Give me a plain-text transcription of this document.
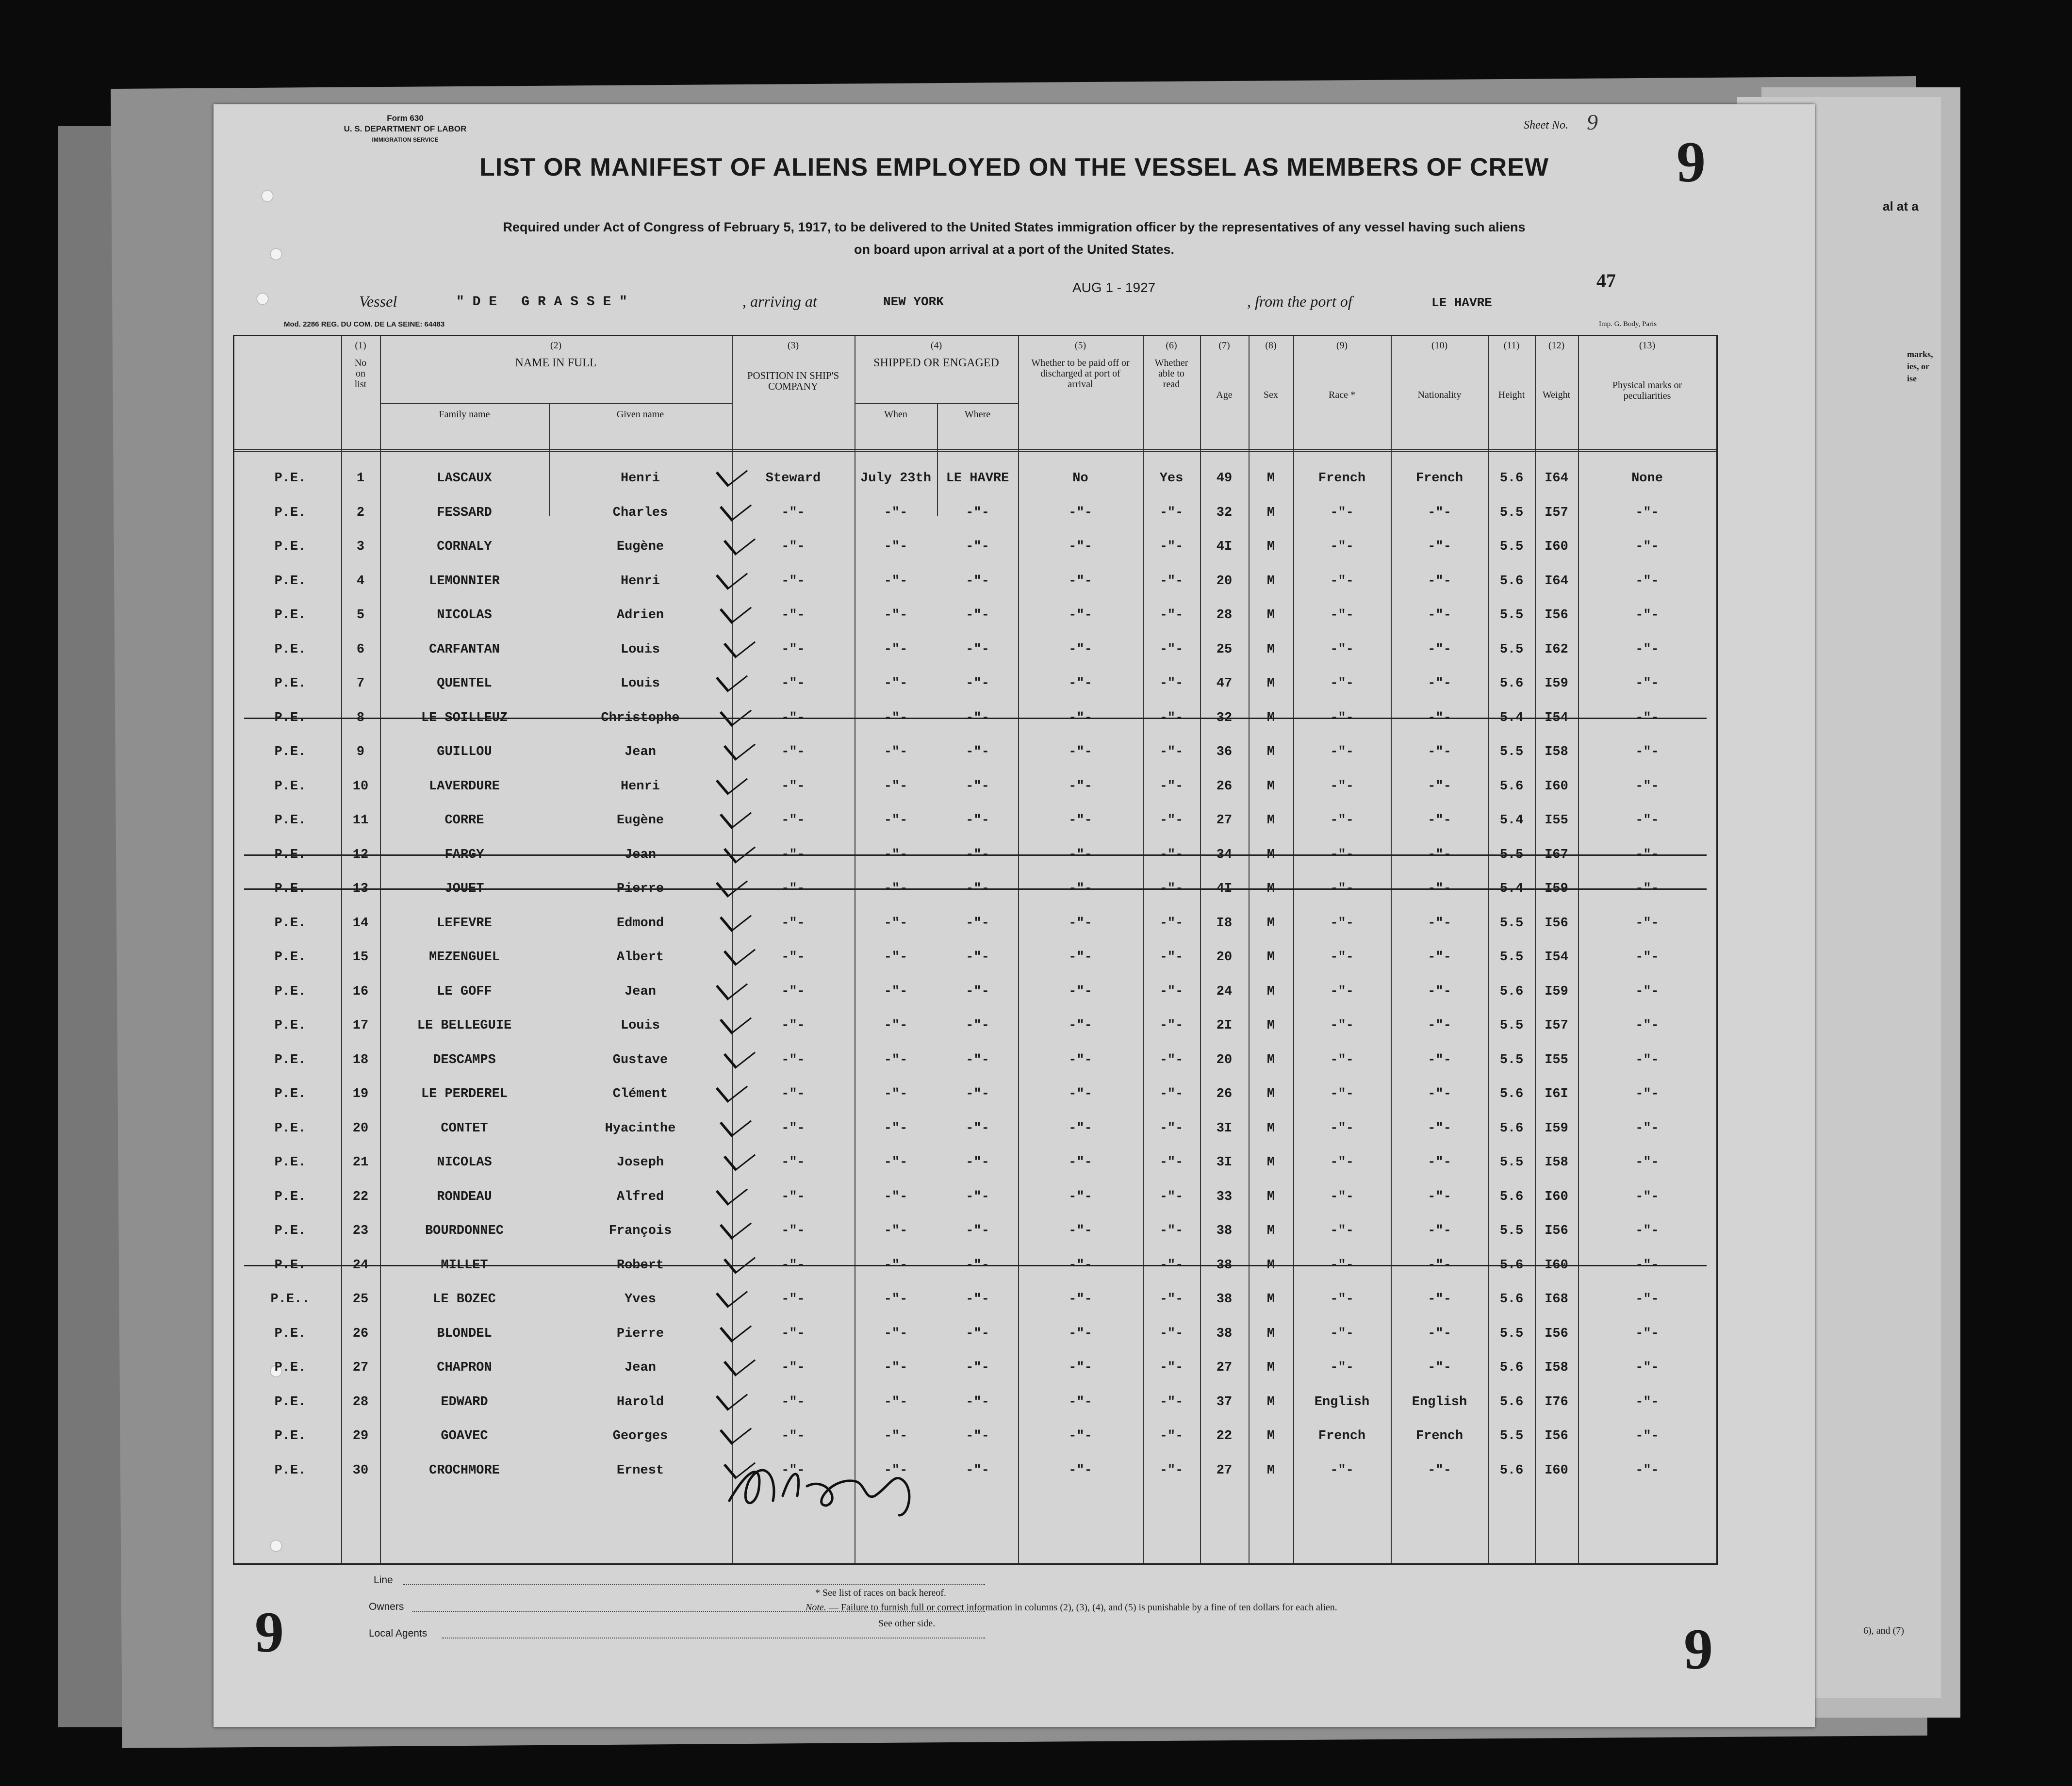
al at a
marks,
ies, or
ise
6), and (7)
Form 630
U. S. DEPARTMENT OF LABOR
IMMIGRATION SERVICE
Sheet No. 9
9
LIST OR MANIFEST OF ALIENS EMPLOYED ON THE VESSEL AS MEMBERS OF CREW
Required under Act of Congress of February 5, 1917, to be delivered to the United States immigration officer by the representatives of any vessel having such aliens
on board upon arrival at a port of the United States.
Vessel	" D E   G R A S S E "	, arriving at	NEW YORK
AUG 1 - 1927
, from the port of	LE HAVRE
47
Mod. 2286 REG. DU COM. DE LA SEINE: 64483	Imp. G. Body, Paris
(1)
No on list
(2)
NAME IN FULL
Family name	Given name
(3)
POSITION IN SHIP'S COMPANY
(4)
SHIPPED OR ENGAGED
When	Where
(5)
Whether to be paid off or discharged at port of arrival
(6)
Whether able to read
(7)
Age
(8)
Sex
(9)
Race *
(10)
Nationality
(11)
Height
(12)
Weight
(13)
Physical marks or peculiarities
P.E.	1	LASCAUX	Henri	Steward	July 23th	LE HAVRE	No	Yes	49	M	French	French	5.6	I64	None
P.E.	2	FESSARD	Charles	-"-	-"-	-"-	-"-	-"-	32	M	-"-	-"-	5.5	I57	-"-
P.E.	3	CORNALY	Eugène	-"-	-"-	-"-	-"-	-"-	4I	M	-"-	-"-	5.5	I60	-"-
P.E.	4	LEMONNIER	Henri	-"-	-"-	-"-	-"-	-"-	20	M	-"-	-"-	5.6	I64	-"-
P.E.	5	NICOLAS	Adrien	-"-	-"-	-"-	-"-	-"-	28	M	-"-	-"-	5.5	I56	-"-
P.E.	6	CARFANTAN	Louis	-"-	-"-	-"-	-"-	-"-	25	M	-"-	-"-	5.5	I62	-"-
P.E.	7	QUENTEL	Louis	-"-	-"-	-"-	-"-	-"-	47	M	-"-	-"-	5.6	I59	-"-
P.E.	8	LE SOILLEUZ	Christophe	-"-	-"-	-"-	-"-	-"-	32	M	-"-	-"-	5.4	I54	-"-
P.E.	9	GUILLOU	Jean	-"-	-"-	-"-	-"-	-"-	36	M	-"-	-"-	5.5	I58	-"-
P.E.	10	LAVERDURE	Henri	-"-	-"-	-"-	-"-	-"-	26	M	-"-	-"-	5.6	I60	-"-
P.E.	11	CORRE	Eugène	-"-	-"-	-"-	-"-	-"-	27	M	-"-	-"-	5.4	I55	-"-
P.E.	12	FARGY	Jean	-"-	-"-	-"-	-"-	-"-	34	M	-"-	-"-	5.5	I67	-"-
P.E.	13	JOUET	Pierre	-"-	-"-	-"-	-"-	-"-	4I	M	-"-	-"-	5.4	I59	-"-
P.E.	14	LEFEVRE	Edmond	-"-	-"-	-"-	-"-	-"-	I8	M	-"-	-"-	5.5	I56	-"-
P.E.	15	MEZENGUEL	Albert	-"-	-"-	-"-	-"-	-"-	20	M	-"-	-"-	5.5	I54	-"-
P.E.	16	LE GOFF	Jean	-"-	-"-	-"-	-"-	-"-	24	M	-"-	-"-	5.6	I59	-"-
P.E.	17	LE BELLEGUIE	Louis	-"-	-"-	-"-	-"-	-"-	2I	M	-"-	-"-	5.5	I57	-"-
P.E.	18	DESCAMPS	Gustave	-"-	-"-	-"-	-"-	-"-	20	M	-"-	-"-	5.5	I55	-"-
P.E.	19	LE PERDEREL	Clément	-"-	-"-	-"-	-"-	-"-	26	M	-"-	-"-	5.6	I6I	-"-
P.E.	20	CONTET	Hyacinthe	-"-	-"-	-"-	-"-	-"-	3I	M	-"-	-"-	5.6	I59	-"-
P.E.	21	NICOLAS	Joseph	-"-	-"-	-"-	-"-	-"-	3I	M	-"-	-"-	5.5	I58	-"-
P.E.	22	RONDEAU	Alfred	-"-	-"-	-"-	-"-	-"-	33	M	-"-	-"-	5.6	I60	-"-
P.E.	23	BOURDONNEC	François	-"-	-"-	-"-	-"-	-"-	38	M	-"-	-"-	5.5	I56	-"-
P.E.	24	MILLET	Robert	-"-	-"-	-"-	-"-	-"-	38	M	-"-	-"-	5.6	I60	-"-
P.E..	25	LE BOZEC	Yves	-"-	-"-	-"-	-"-	-"-	38	M	-"-	-"-	5.6	I68	-"-
P.E.	26	BLONDEL	Pierre	-"-	-"-	-"-	-"-	-"-	38	M	-"-	-"-	5.5	I56	-"-
P.E.	27	CHAPRON	Jean	-"-	-"-	-"-	-"-	-"-	27	M	-"-	-"-	5.6	I58	-"-
P.E.	28	EDWARD	Harold	-"-	-"-	-"-	-"-	-"-	37	M	English	English	5.6	I76	-"-
P.E.	29	GOAVEC	Georges	-"-	-"-	-"-	-"-	-"-	22	M	French	French	5.5	I56	-"-
P.E.	30	CROCHMORE	Ernest	-"-	-"-	-"-	-"-	-"-	27	M	-"-	-"-	5.6	I60	-"-
9	9
Line
Owners
Local Agents
* See list of races on back hereof.
Note. — Failure to furnish full or correct information in columns (2), (3), (4), and (5) is punishable by a fine of ten dollars for each alien.
See other side.
